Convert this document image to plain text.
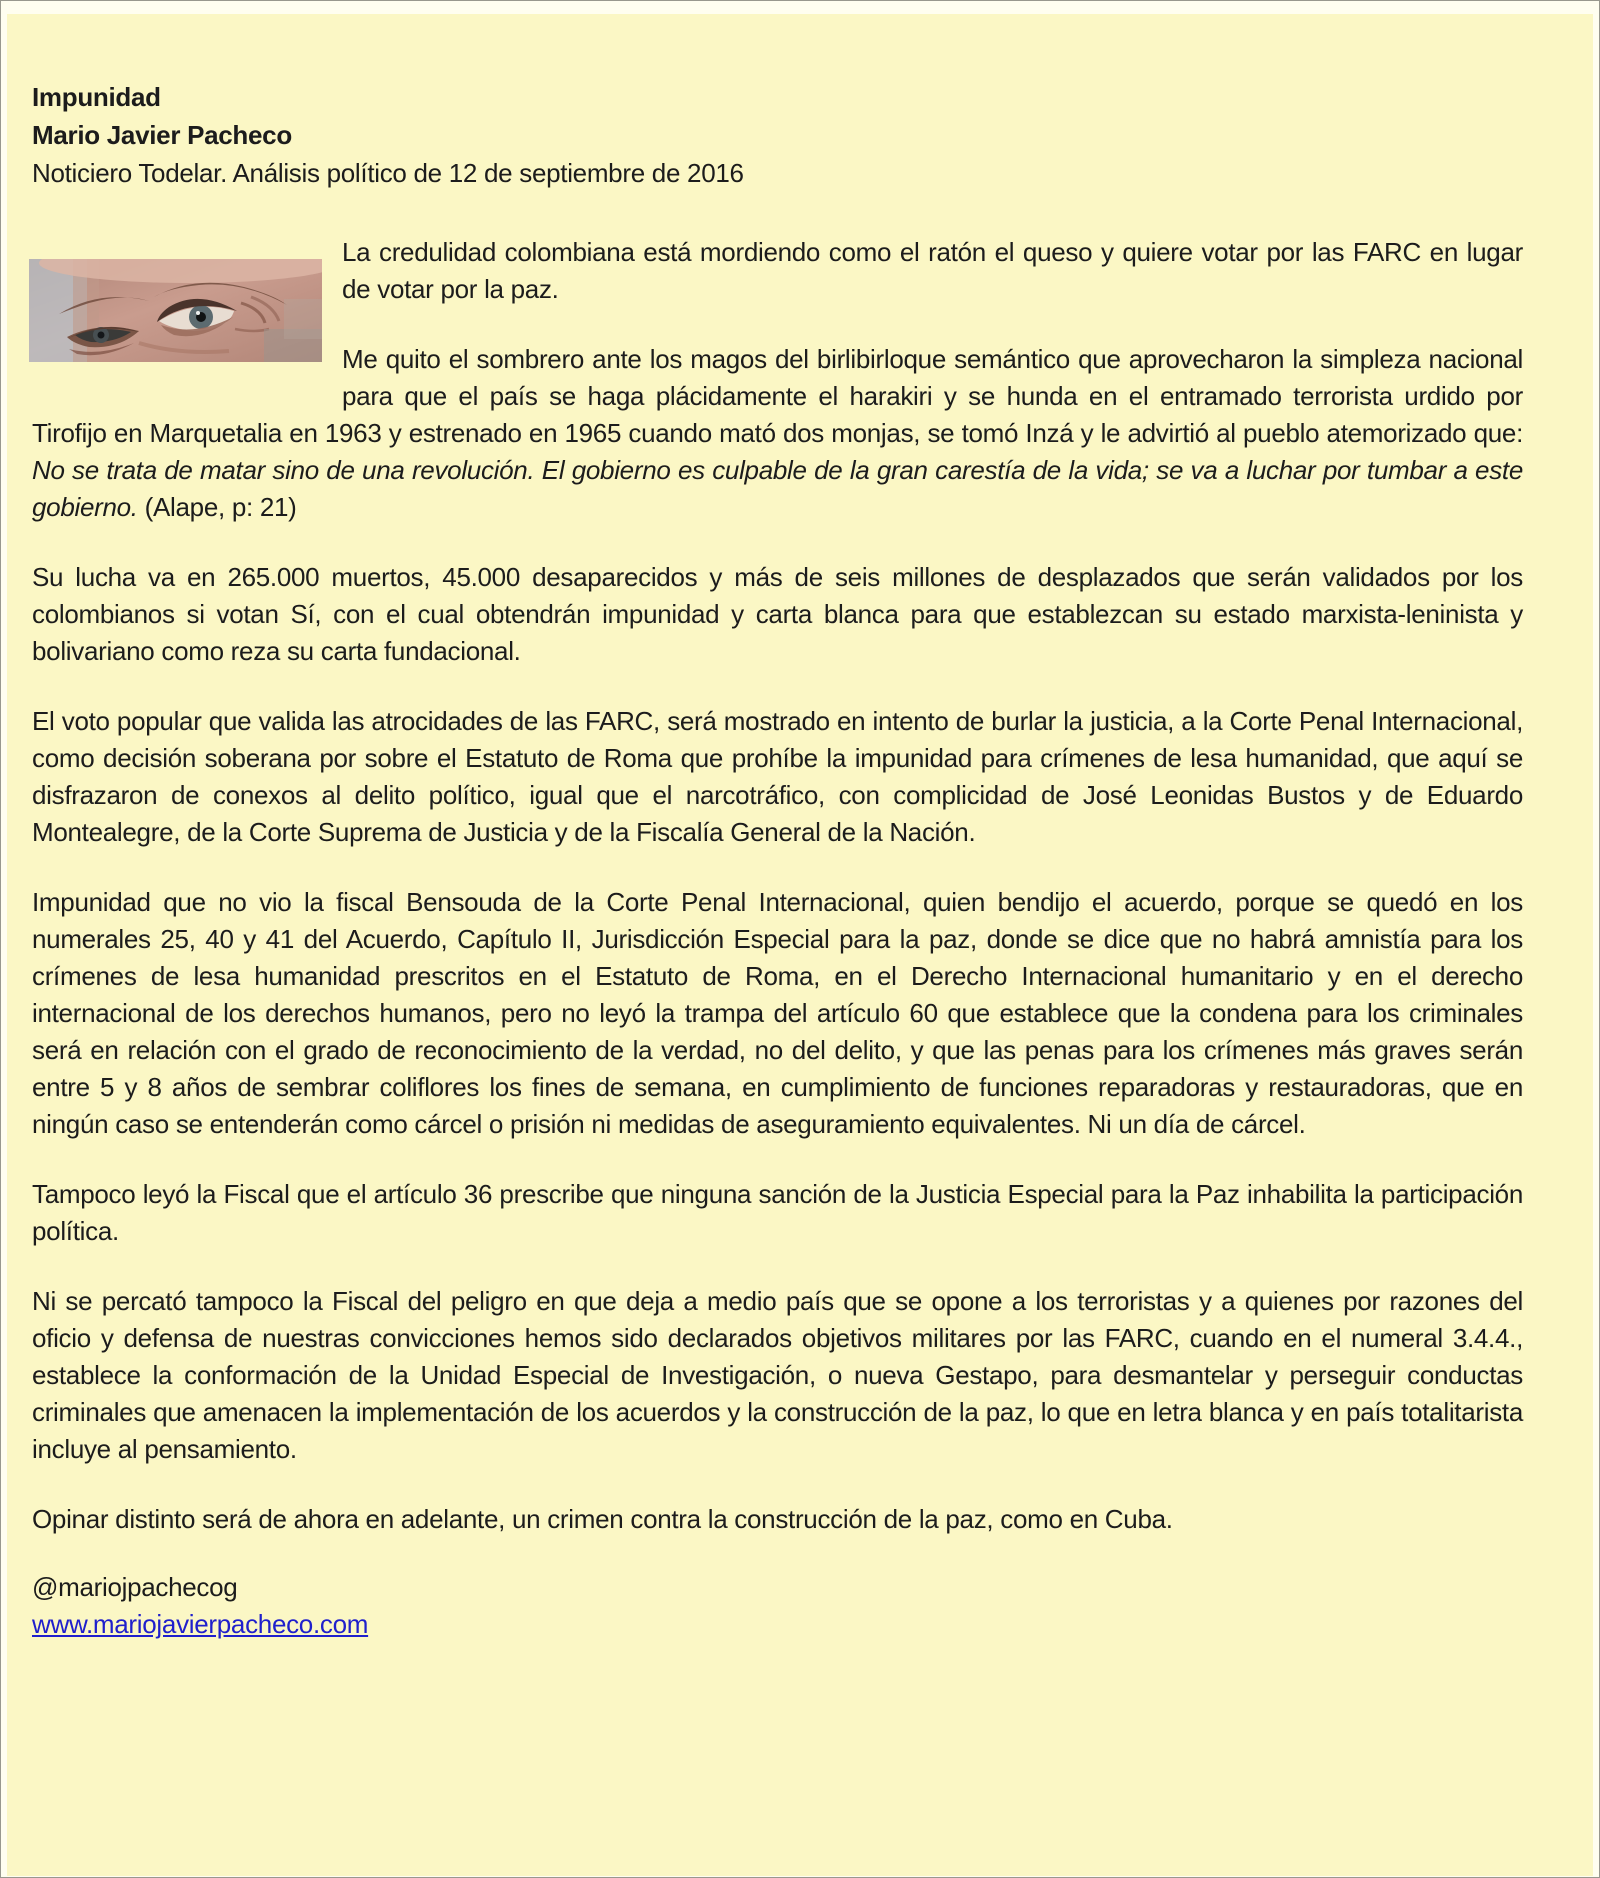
Impunidad
Mario Javier Pacheco
Noticiero Todelar. Análisis político de 12 de septiembre de 2016

La credulidad colombiana está mordiendo como el ratón el queso y quiere votar por las FARC en lugar de votar por la paz.

Me quito el sombrero ante los magos del birlibirloque semántico que aprovecharon la simpleza nacional para que el país se haga plácidamente el harakiri y se hunda en el entramado terrorista urdido por Tirofijo en Marquetalia en 1963 y estrenado en 1965 cuando mató dos monjas, se tomó Inzá y le advirtió al pueblo atemorizado que: No se trata de matar sino de una revolución. El gobierno es culpable de la gran carestía de la vida; se va a luchar por tumbar a este gobierno. (Alape, p: 21)

Su lucha va en 265.000 muertos, 45.000 desaparecidos y más de seis millones de desplazados que serán validados por los colombianos si votan Sí, con el cual obtendrán impunidad y carta blanca para que establezcan su estado marxista-leninista y bolivariano como reza su carta fundacional.

El voto popular que valida las atrocidades de las FARC, será mostrado en intento de burlar la justicia, a la Corte Penal Internacional, como decisión soberana por sobre el Estatuto de Roma que prohíbe la impunidad para crímenes de lesa humanidad, que aquí se disfrazaron de conexos al delito político, igual que el narcotráfico, con complicidad de José Leonidas Bustos y de Eduardo Montealegre, de la Corte Suprema de Justicia y de la Fiscalía General de la Nación.

Impunidad que no vio la fiscal Bensouda de la Corte Penal Internacional, quien bendijo el acuerdo, porque se quedó en los numerales 25, 40 y 41 del Acuerdo, Capítulo II, Jurisdicción Especial para la paz, donde se dice que no habrá amnistía para los crímenes de lesa humanidad prescritos en el Estatuto de Roma, en el Derecho Internacional humanitario y en el derecho internacional de los derechos humanos, pero no leyó la trampa del artículo 60 que establece que la condena para los criminales será en relación con el grado de reconocimiento de la verdad, no del delito, y que las penas para los crímenes más graves serán entre 5 y 8 años de sembrar coliflores los fines de semana, en cumplimiento de funciones reparadoras y restauradoras, que en ningún caso se entenderán como cárcel o prisión ni medidas de aseguramiento equivalentes. Ni un día de cárcel.

Tampoco leyó la Fiscal que el artículo 36 prescribe que ninguna sanción de la Justicia Especial para la Paz inhabilita la participación política.

Ni se percató tampoco la Fiscal del peligro en que deja a medio país que se opone a los terroristas y a quienes por razones del oficio y defensa de nuestras convicciones hemos sido declarados objetivos militares por las FARC, cuando en el numeral 3.4.4., establece la conformación de la Unidad Especial de Investigación, o nueva Gestapo, para desmantelar y perseguir conductas criminales que amenacen la implementación de los acuerdos y la construcción de la paz, lo que en letra blanca y en país totalitarista incluye al pensamiento.

Opinar distinto será de ahora en adelante, un crimen contra la construcción de la paz, como en Cuba.

@mariojpachecog
www.mariojavierpacheco.com
